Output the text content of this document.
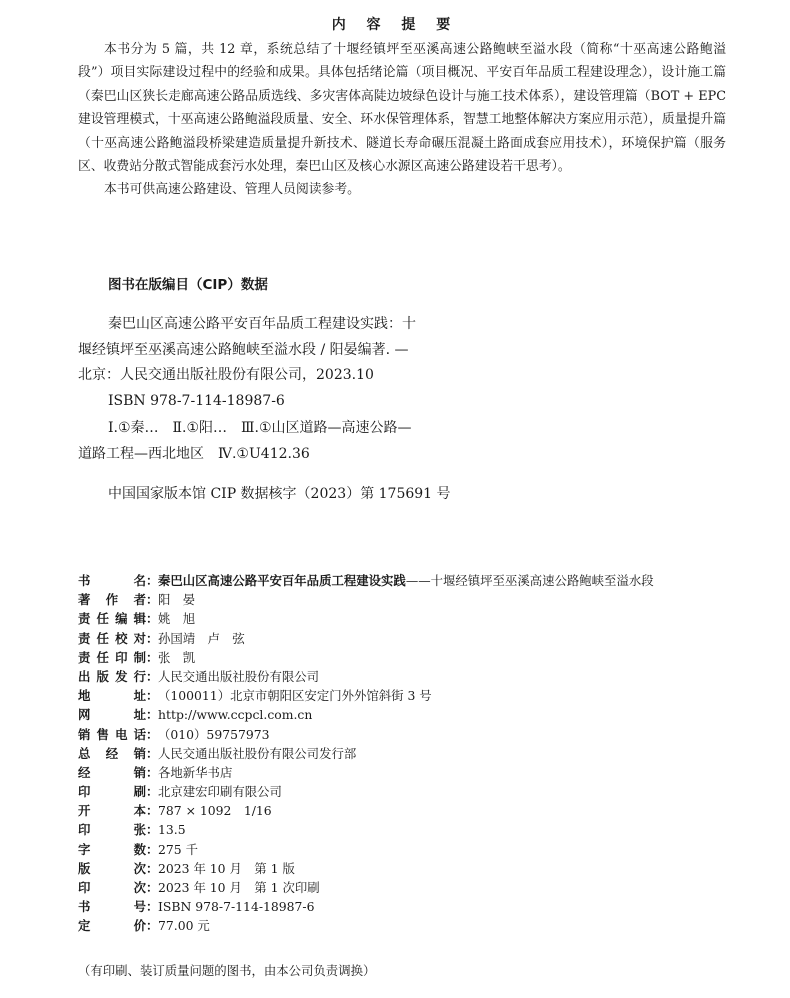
内 容 提 要

本书分为 5 篇，共 12 章，系统总结了十堰经镇坪至巫溪高速公路鲍峡至溢水段（简称“十巫高速公路鲍溢段”）项目实际建设过程中的经验和成果。具体包括绪论篇（项目概况、平安百年品质工程建设理念），设计施工篇（秦巴山区狭长走廊高速公路品质选线、多灾害体高陡边坡绿色设计与施工技术体系），建设管理篇（BOT + EPC 建设管理模式，十巫高速公路鲍溢段质量、安全、环水保管理体系，智慧工地整体解决方案应用示范），质量提升篇（十巫高速公路鲍溢段桥梁建造质量提升新技术、隧道长寿命碾压混凝土路面成套应用技术），环境保护篇（服务区、收费站分散式智能成套污水处理，秦巴山区及核心水源区高速公路建设若干思考）。

本书可供高速公路建设、管理人员阅读参考。

图书在版编目（CIP）数据
秦巴山区高速公路平安百年品质工程建设实践：十
堰经镇坪至巫溪高速公路鲍峡至溢水段 / 阳晏编著. —
北京：人民交通出版社股份有限公司，2023.10
ISBN 978-7-114-18987-6
Ⅰ.①秦…　Ⅱ.①阳…　Ⅲ.①山区道路—高速公路—
道路工程—西北地区　Ⅳ.①U412.36
中国国家版本馆 CIP 数据核字（2023）第 175691 号
书名 ： 秦巴山区高速公路平安百年品质工程建设实践 ——十堰经镇坪至巫溪高速公路鲍峡至溢水段
著作者 ： 阳　晏
责任编辑 ： 姚　旭
责任校对 ： 孙国靖　卢　弦
责任印制 ： 张　凯
出版发行 ： 人民交通出版社股份有限公司
地址 ： （100011）北京市朝阳区安定门外外馆斜街 3 号
网址 ： http://www.ccpcl.com.cn
销售电话 ： （010）59757973
总经销 ： 人民交通出版社股份有限公司发行部
经销 ： 各地新华书店
印刷 ： 北京建宏印刷有限公司
开本 ： 787 × 1092　1/16
印张 ： 13.5
字数 ： 275 千
版次 ： 2023 年 10 月　第 1 版
印次 ： 2023 年 10 月　第 1 次印刷
书号 ： ISBN 978-7-114-18987-6
定价 ： 77.00 元
（有印刷、装订质量问题的图书，由本公司负责调换）
